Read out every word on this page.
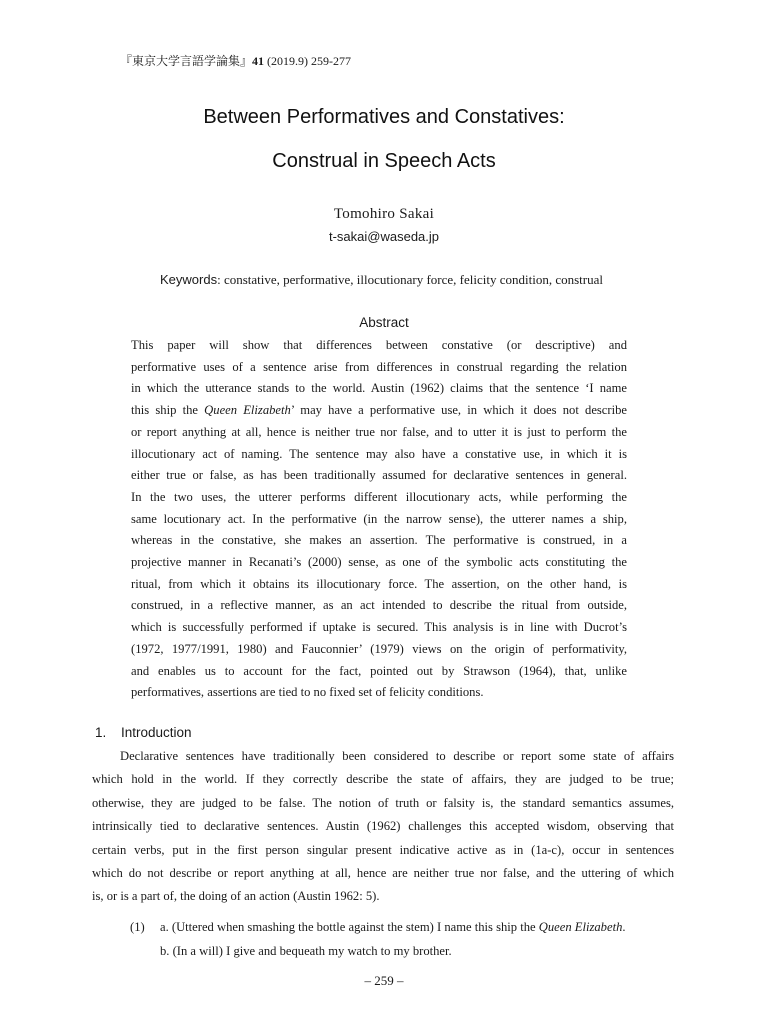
『東京大学言語学論集』41 (2019.9) 259-277
Between Performatives and Constatives:
Construal in Speech Acts
Tomohiro Sakai
t-sakai@waseda.jp
Keywords: constative, performative, illocutionary force, felicity condition, construal
Abstract
This paper will show that differences between constative (or descriptive) and
performative uses of a sentence arise from differences in construal regarding the relation
in which the utterance stands to the world. Austin (1962) claims that the sentence ‘I name
this ship the Queen Elizabeth’ may have a performative use, in which it does not describe
or report anything at all, hence is neither true nor false, and to utter it is just to perform the
illocutionary act of naming. The sentence may also have a constative use, in which it is
either true or false, as has been traditionally assumed for declarative sentences in general.
In the two uses, the utterer performs different illocutionary acts, while performing the
same locutionary act. In the performative (in the narrow sense), the utterer names a ship,
whereas in the constative, she makes an assertion. The performative is construed, in a
projective manner in Recanati’s (2000) sense, as one of the symbolic acts constituting the
ritual, from which it obtains its illocutionary force. The assertion, on the other hand, is
construed, in a reflective manner, as an act intended to describe the ritual from outside,
which is successfully performed if uptake is secured. This analysis is in line with Ducrot’s
(1972, 1977/1991, 1980) and Fauconnier’ (1979) views on the origin of performativity,
and enables us to account for the fact, pointed out by Strawson (1964), that, unlike
performatives, assertions are tied to no fixed set of felicity conditions.
1. Introduction
Declarative sentences have traditionally been considered to describe or report some state of affairs
which hold in the world. If they correctly describe the state of affairs, they are judged to be true;
otherwise, they are judged to be false. The notion of truth or falsity is, the standard semantics assumes,
intrinsically tied to declarative sentences. Austin (1962) challenges this accepted wisdom, observing that
certain verbs, put in the first person singular present indicative active as in (1a-c), occur in sentences
which do not describe or report anything at all, hence are neither true nor false, and the uttering of which
is, or is a part of, the doing of an action (Austin 1962: 5).
(1) a. (Uttered when smashing the bottle against the stem) I name this ship the Queen Elizabeth.
b. (In a will) I give and bequeath my watch to my brother.
– 259 –
